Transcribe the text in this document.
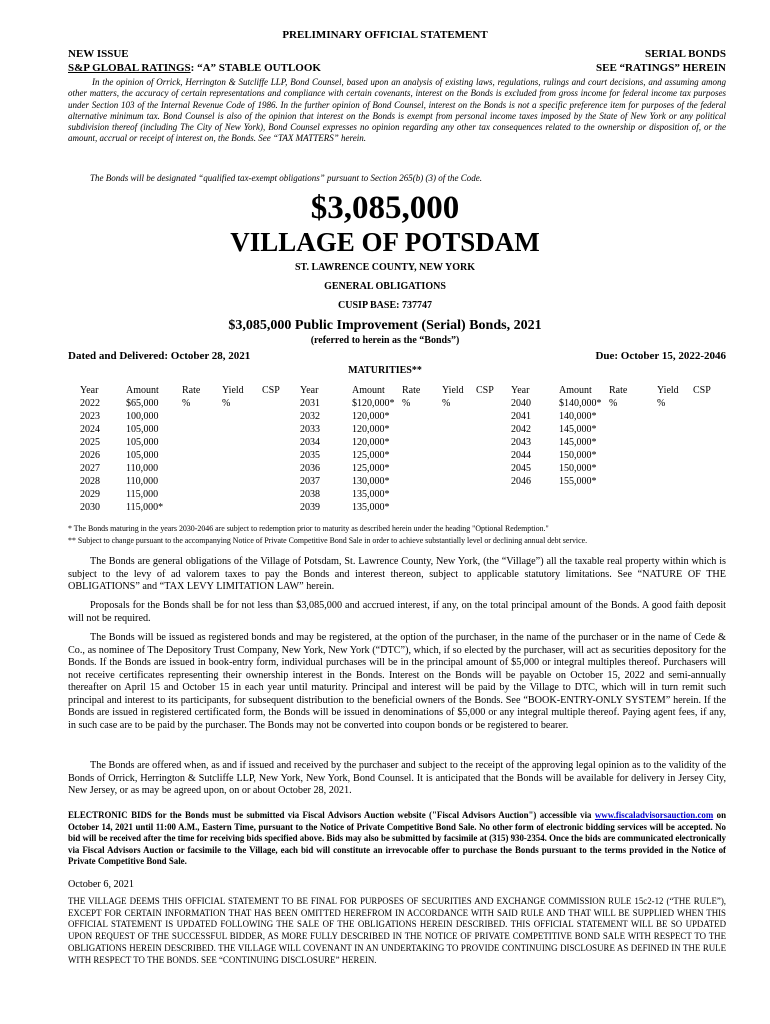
PRELIMINARY OFFICIAL STATEMENT
NEW ISSUE
S&P GLOBAL RATINGS: “A” STABLE OUTLOOK
SERIAL BONDS
SEE “RATINGS” HEREIN
In the opinion of Orrick, Herrington & Sutcliffe LLP, Bond Counsel, based upon an analysis of existing laws, regulations, rulings and court decisions, and assuming among other matters, the accuracy of certain representations and compliance with certain covenants, interest on the Bonds is excluded from gross income for federal income tax purposes under Section 103 of the Internal Revenue Code of 1986. In the further opinion of Bond Counsel, interest on the Bonds is not a specific preference item for purposes of the federal alternative minimum tax. Bond Counsel is also of the opinion that interest on the Bonds is exempt from personal income taxes imposed by the State of New York or any political subdivision thereof (including The City of New York), Bond Counsel expresses no opinion regarding any other tax consequences related to the ownership or disposition of, or the amount, accrual or receipt of interest on, the Bonds. See “TAX MATTERS” herein.
The Bonds will be designated “qualified tax-exempt obligations” pursuant to Section 265(b) (3) of the Code.
$3,085,000
VILLAGE OF POTSDAM
ST. LAWRENCE COUNTY, NEW YORK
GENERAL OBLIGATIONS
CUSIP BASE: 737747
$3,085,000 Public Improvement (Serial) Bonds, 2021
(referred to herein as the “Bonds”)
Dated and Delivered: October 28, 2021	Due: October 15, 2022-2046
MATURITIES**
Year	Amount	Rate	Yield	CSP
2022	$65,000	%	%
2023	100,000
2024	105,000
2025	105,000
2026	105,000
2027	110,000
2028	110,000
2029	115,000
2030	115,000*
Year	Amount	Rate	Yield	CSP
2031	$120,000* %	%
2032	120,000*
2033	120,000*
2034	120,000*
2035	125,000*
2036	125,000*
2037	130,000*
2038	135,000*
2039	135,000*
Year	Amount	Rate	Yield	CSP
2040	$140,000* %	%
2041	140,000*
2042	145,000*
2043	145,000*
2044	150,000*
2045	150,000*
2046	155,000*
* The Bonds maturing in the years 2030-2046 are subject to redemption prior to maturity as described herein under the heading "Optional Redemption."
** Subject to change pursuant to the accompanying Notice of Private Competitive Bond Sale in order to achieve substantially level or declining annual debt service.
The Bonds are general obligations of the Village of Potsdam, St. Lawrence County, New York, (the “Village”) all the taxable real property within which is subject to the levy of ad valorem taxes to pay the Bonds and interest thereon, subject to applicable statutory limitations. See “NATURE OF THE OBLIGATIONS” and “TAX LEVY LIMITATION LAW” herein.
Proposals for the Bonds shall be for not less than $3,085,000 and accrued interest, if any, on the total principal amount of the Bonds. A good faith deposit will not be required.
The Bonds will be issued as registered bonds and may be registered, at the option of the purchaser, in the name of the purchaser or in the name of Cede & Co., as nominee of The Depository Trust Company, New York, New York (“DTC”), which, if so elected by the purchaser, will act as securities depository for the Bonds. If the Bonds are issued in book-entry form, individual purchases will be in the principal amount of $5,000 or integral multiples thereof. Purchasers will not receive certificates representing their ownership interest in the Bonds. Interest on the Bonds will be payable on October 15, 2022 and semi-annually thereafter on April 15 and October 15 in each year until maturity. Principal and interest will be paid by the Village to DTC, which will in turn remit such principal and interest to its participants, for subsequent distribution to the beneficial owners of the Bonds. See “BOOK-ENTRY-ONLY SYSTEM” herein. If the Bonds are issued in registered certificated form, the Bonds will be issued in denominations of $5,000 or any integral multiple thereof. Paying agent fees, if any, in such case are to be paid by the purchaser. The Bonds may not be converted into coupon bonds or be registered to bearer.
The Bonds are offered when, as and if issued and received by the purchaser and subject to the receipt of the approving legal opinion as to the validity of the Bonds of Orrick, Herrington & Sutcliffe LLP, New York, New York, Bond Counsel. It is anticipated that the Bonds will be available for delivery in Jersey City, New Jersey, or as may be agreed upon, on or about October 28, 2021.
ELECTRONIC BIDS for the Bonds must be submitted via Fiscal Advisors Auction website ("Fiscal Advisors Auction") accessible via www.fiscaladvisorsauction.com on October 14, 2021 until 11:00 A.M., Eastern Time, pursuant to the Notice of Private Competitive Bond Sale. No other form of electronic bidding services will be accepted. No bid will be received after the time for receiving bids specified above. Bids may also be submitted by facsimile at (315) 930-2354. Once the bids are communicated electronically via Fiscal Advisors Auction or facsimile to the Village, each bid will constitute an irrevocable offer to purchase the Bonds pursuant to the terms provided in the Notice of Private Competitive Bond Sale.
October 6, 2021
THE VILLAGE DEEMS THIS OFFICIAL STATEMENT TO BE FINAL FOR PURPOSES OF SECURITIES AND EXCHANGE COMMISSION RULE 15c2-12 (“THE RULE”), EXCEPT FOR CERTAIN INFORMATION THAT HAS BEEN OMITTED HEREFROM IN ACCORDANCE WITH SAID RULE AND THAT WILL BE SUPPLIED WHEN THIS OFFICIAL STATEMENT IS UPDATED FOLLOWING THE SALE OF THE OBLIGATIONS HEREIN DESCRIBED. THIS OFFICIAL STATEMENT WILL BE SO UPDATED UPON REQUEST OF THE SUCCESSFUL BIDDER, AS MORE FULLY DESCRIBED IN THE NOTICE OF PRIVATE COMPETITIVE BOND SALE WITH RESPECT TO THE OBLIGATIONS HEREIN DESCRIBED. THE VILLAGE WILL COVENANT IN AN UNDERTAKING TO PROVIDE CONTINUING DISCLOSURE AS DEFINED IN THE RULE WITH RESPECT TO THE BONDS. SEE “CONTINUING DISCLOSURE” HEREIN.
